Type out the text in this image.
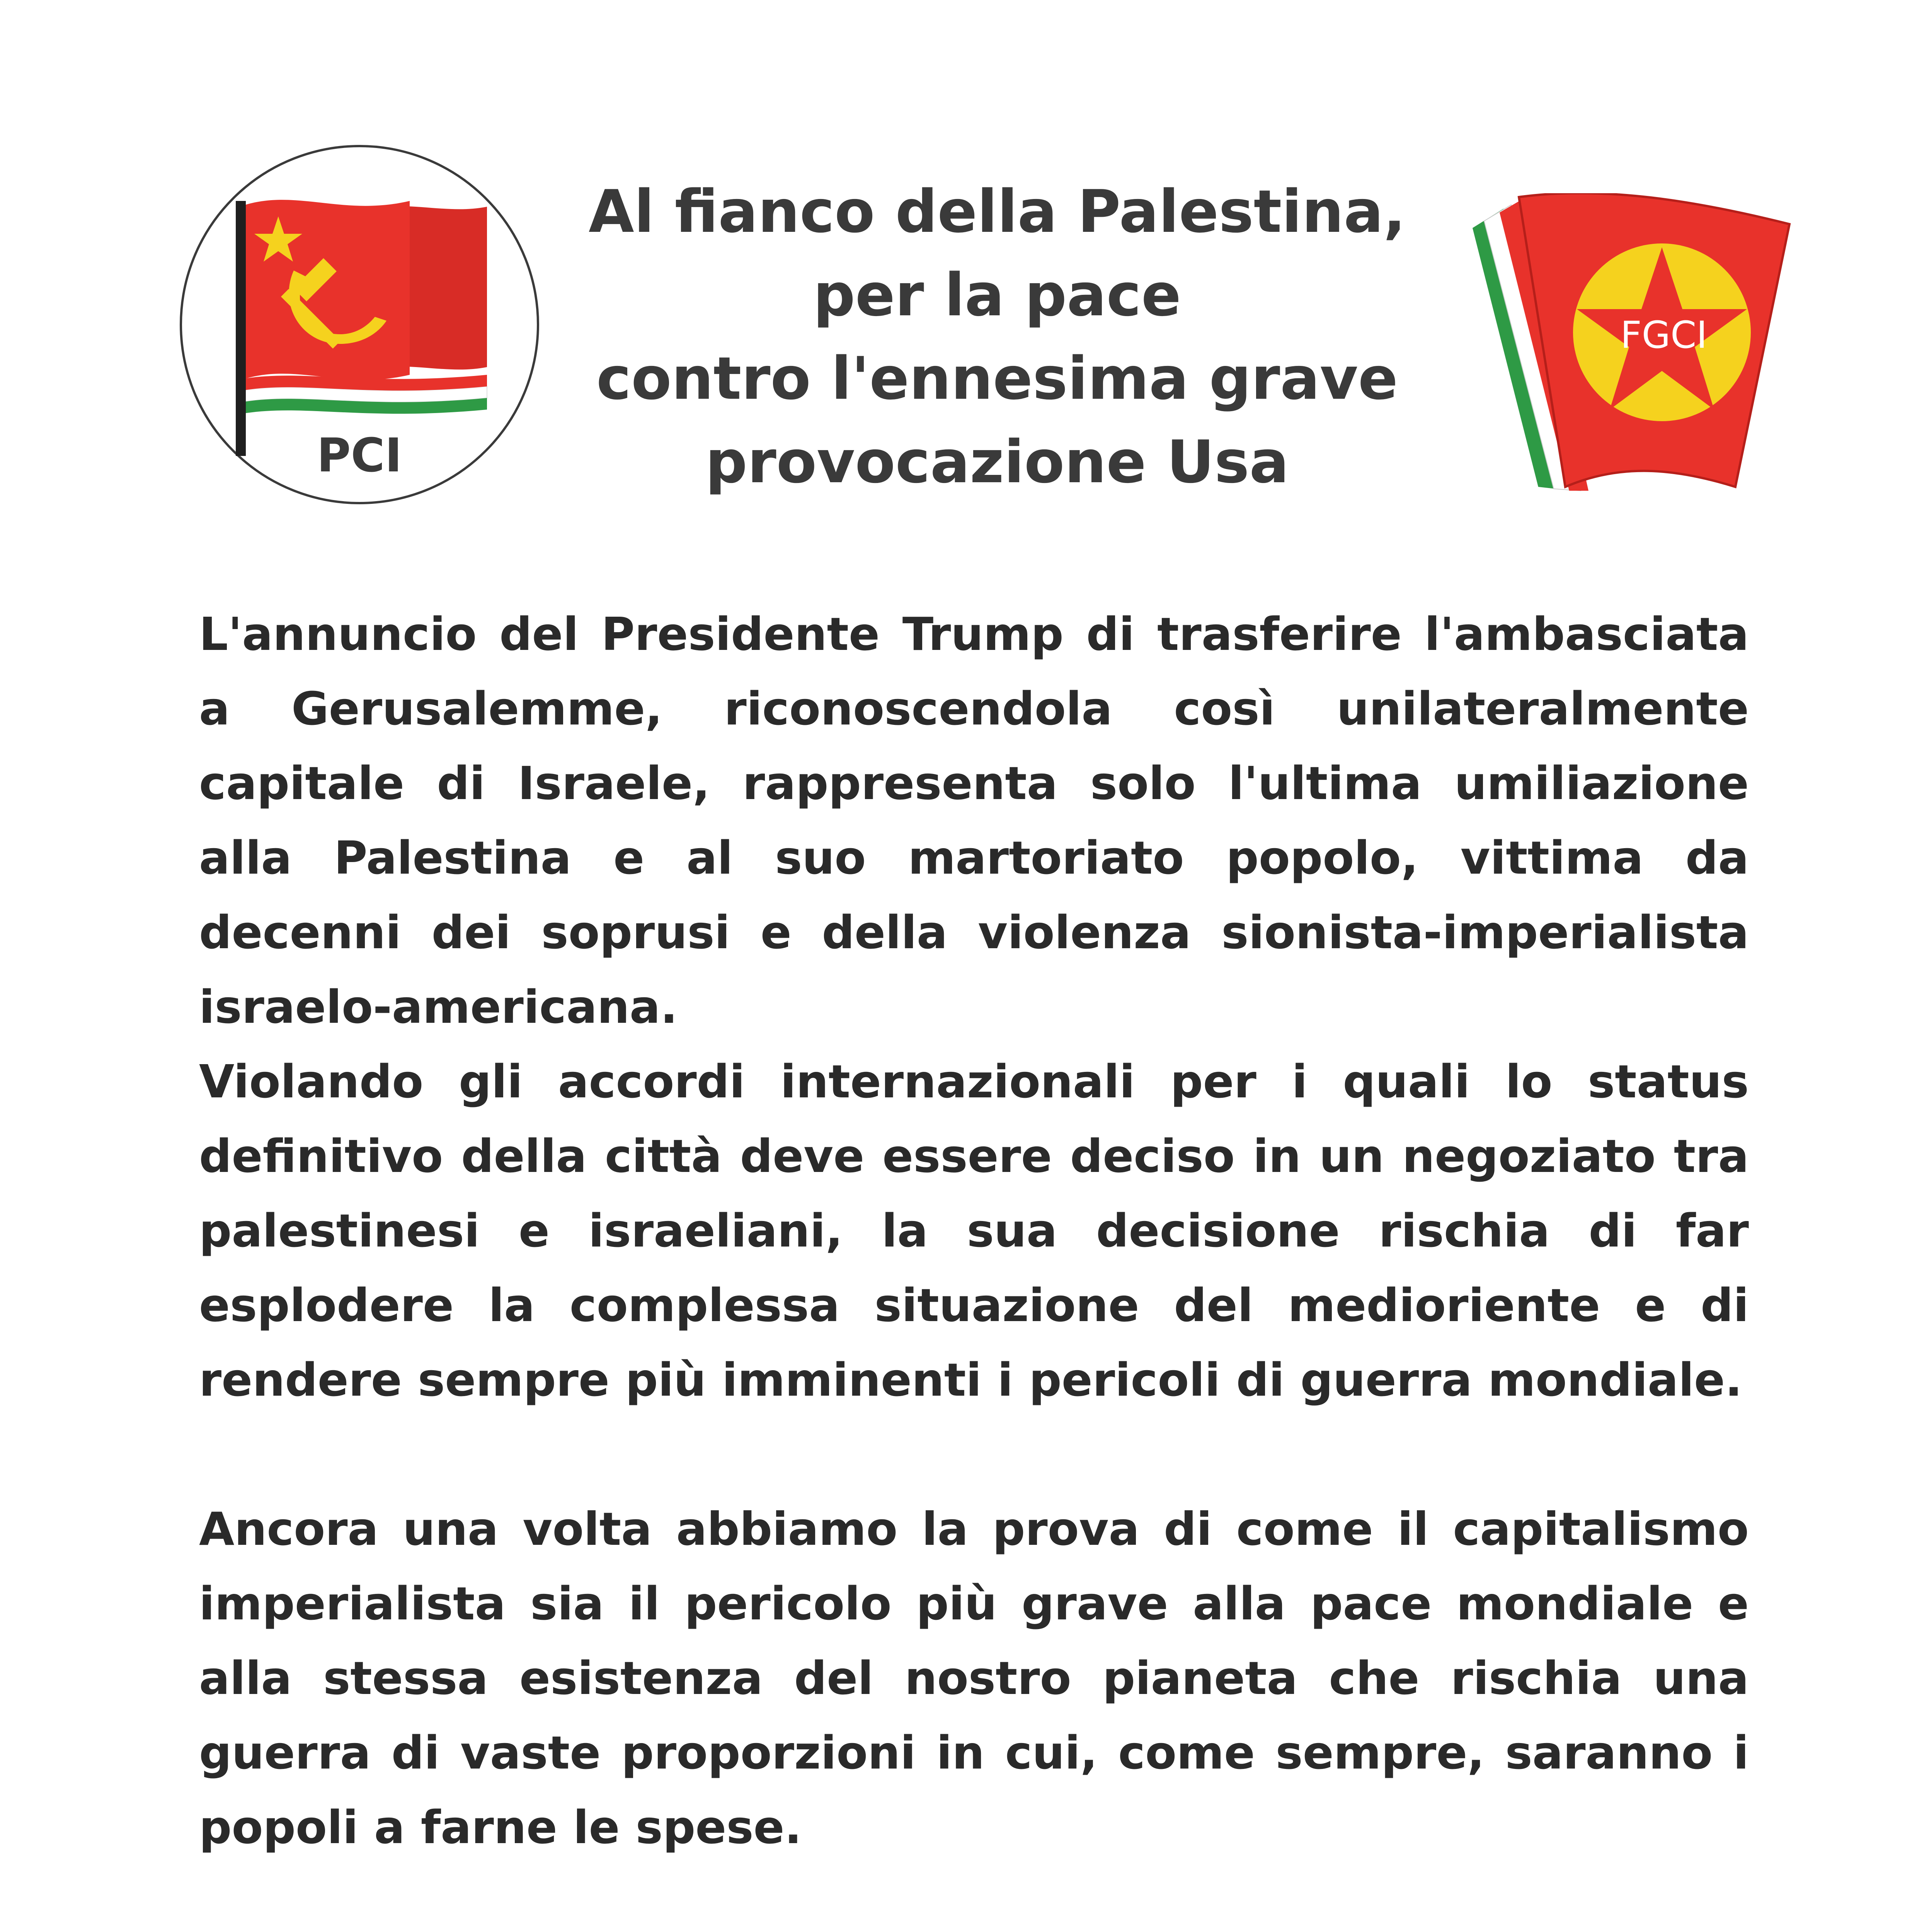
PCI
Al fianco della Palestina,
per la pace
contro l'ennesima grave
provocazione Usa
FGCI

L'annuncio del Presidente Trump di trasferire l'ambasciata a Gerusalemme, riconoscendola così unilateralmente capitale di Israele, rappresenta solo l'ultima umiliazione alla Palestina e al suo martoriato popolo, vittima da decenni dei soprusi e della violenza sionista-imperialista israelo-americana.

Violando gli accordi internazionali per i quali lo status definitivo della città deve essere deciso in un negoziato tra palestinesi e israeliani, la sua decisione rischia di far esplodere la complessa situazione del medioriente e di rendere sempre più imminenti i pericoli di guerra mondiale.

Ancora una volta abbiamo la prova di come il capitalismo imperialista sia il pericolo più grave alla pace mondiale e alla stessa esistenza del nostro pianeta che rischia una guerra di vaste proporzioni in cui, come sempre, saranno i popoli a farne le spese.
